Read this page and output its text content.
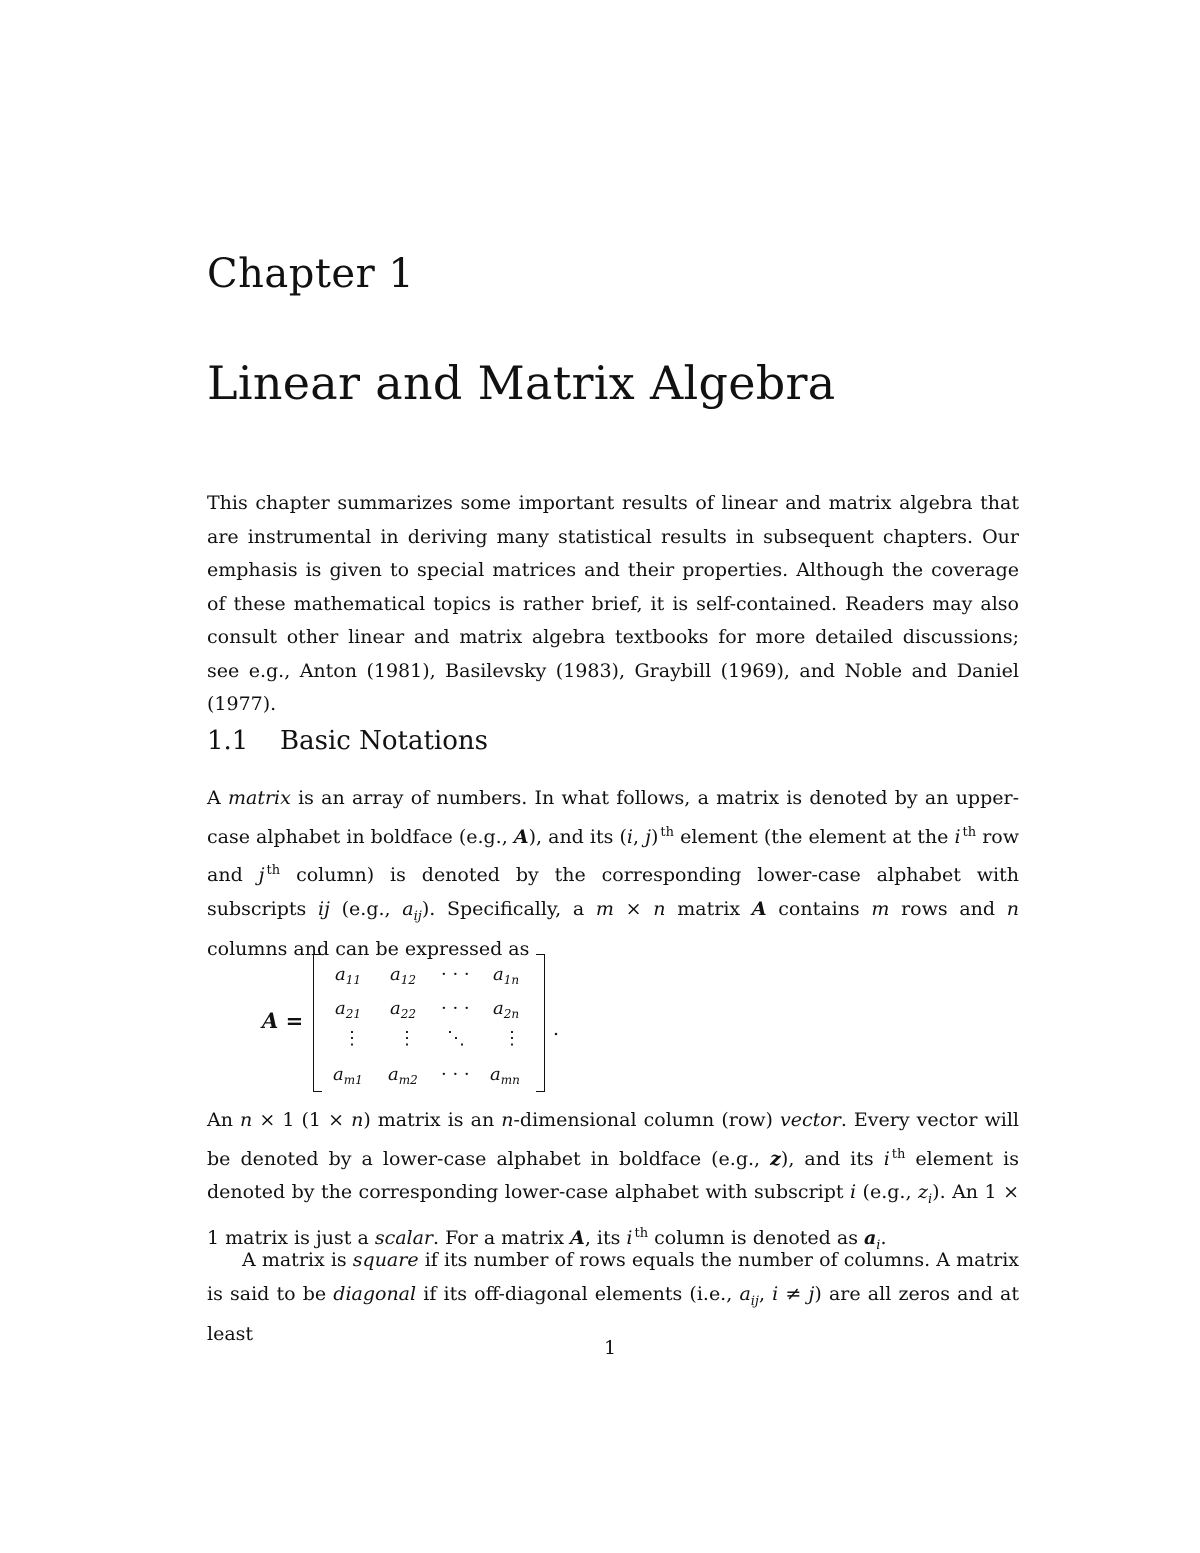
Chapter 1
Linear and Matrix Algebra
This chapter summarizes some important results of linear and matrix algebra that are instrumental in deriving many statistical results in subsequent chapters. Our emphasis is given to special matrices and their properties. Although the coverage of these mathematical topics is rather brief, it is self-contained. Readers may also consult other linear and matrix algebra textbooks for more detailed discussions; see e.g., Anton (1981), Basilevsky (1983), Graybill (1969), and Noble and Daniel (1977).
1.1 Basic Notations
A matrix is an array of numbers. In what follows, a matrix is denoted by an upper-case alphabet in boldface (e.g., A), and its (i, j) $^{th}$ element (the element at the i $^{th}$ row and j $^{th}$ column) is denoted by the corresponding lower-case alphabet with subscripts ij (e.g., $a_{ij}$). Specifically, a m × n matrix A contains m rows and n columns and can be expressed as
A =
$a_{11}$ $a_{12}$ · · · $a_{1n}$
$a_{21}$ $a_{22}$ · · · $a_{2n}$
⋮ ⋮ ⋱ ⋮
$a_{m1}$ $a_{m2}$ · · · $a_{mn}$
.
An n × 1 (1 × n) matrix is an n-dimensional column (row) vector. Every vector will be denoted by a lower-case alphabet in boldface (e.g., z), and its i $^{th}$ element is denoted by the corresponding lower-case alphabet with subscript i (e.g., $z_i$). An 1 × 1 matrix is just a scalar. For a matrix A, its i $^{th}$ column is denoted as $a_i$.
A matrix is square if its number of rows equals the number of columns. A matrix is said to be diagonal if its off-diagonal elements (i.e., $a_{ij}$, i ≠ j) are all zeros and at least
1
